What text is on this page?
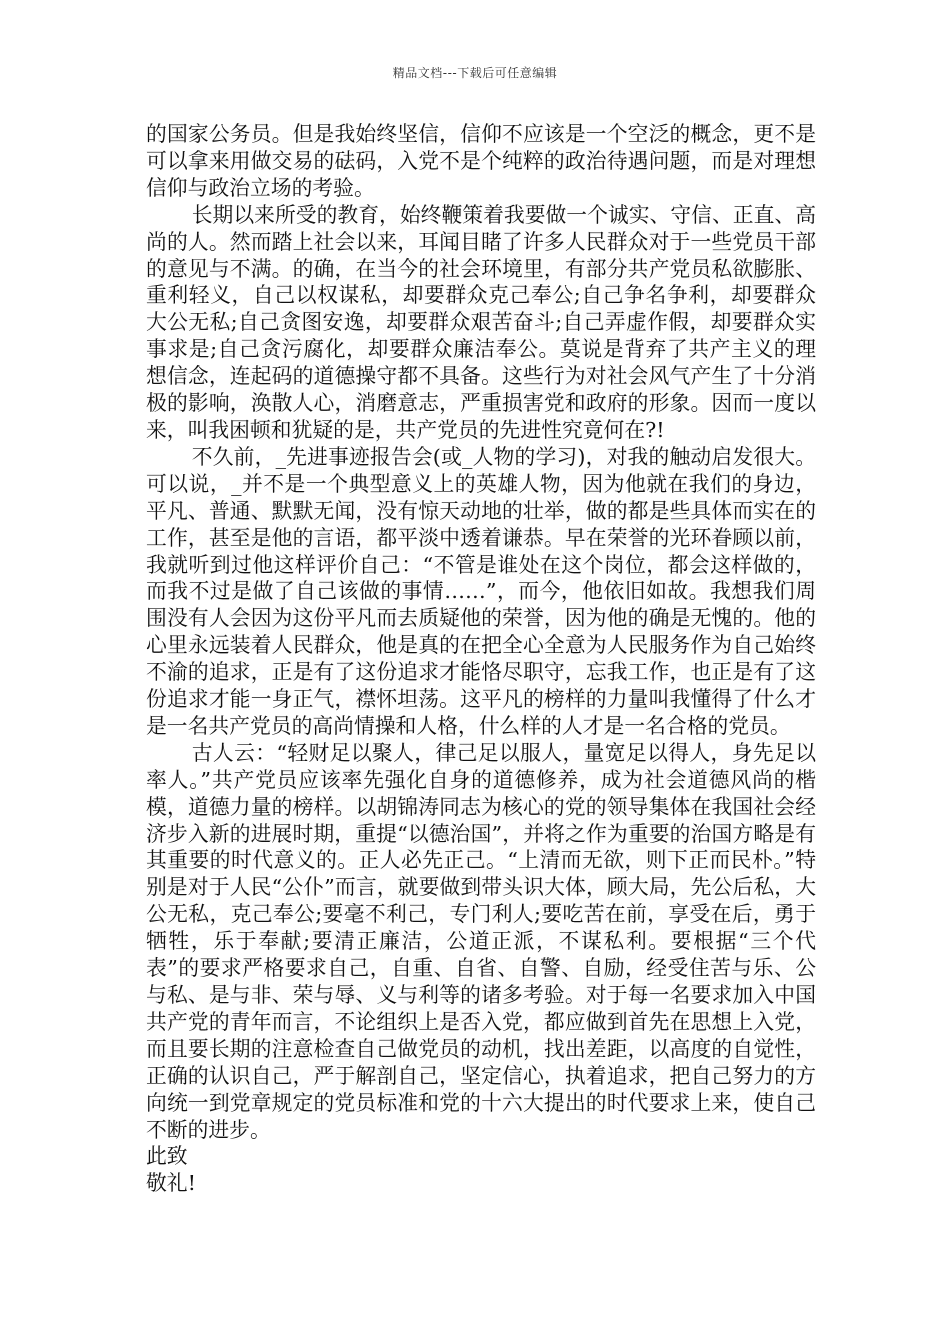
精品文档---下载后可任意编辑

的国家公务员。但是我始终坚信，信仰不应该是一个空泛的概念，更不是可以拿来用做交易的砝码，入党不是个纯粹的政治待遇问题，而是对理想信仰与政治立场的考验。

长期以来所受的教育，始终鞭策着我要做一个诚实、守信、正直、高尚的人。然而踏上社会以来，耳闻目睹了许多人民群众对于一些党员干部的意见与不满。的确，在当今的社会环境里，有部分共产党员私欲膨胀、重利轻义，自己以权谋私，却要群众克己奉公;自己争名争利，却要群众大公无私;自己贪图安逸，却要群众艰苦奋斗;自己弄虚作假，却要群众实事求是;自己贪污腐化，却要群众廉洁奉公。莫说是背弃了共产主义的理想信念，连起码的道德操守都不具备。这些行为对社会风气产生了十分消极的影响，涣散人心，消磨意志，严重损害党和政府的形象。因而一度以来，叫我困顿和犹疑的是，共产党员的先进性究竟何在?!

不久前，_先进事迹报告会(或_人物的学习)，对我的触动启发很大。可以说，_并不是一个典型意义上的英雄人物，因为他就在我们的身边，平凡、普通、默默无闻，没有惊天动地的壮举，做的都是些具体而实在的工作，甚至是他的言语，都平淡中透着谦恭。早在荣誉的光环眷顾以前，我就听到过他这样评价自己：“不管是谁处在这个岗位，都会这样做的，而我不过是做了自己该做的事情……”，而今，他依旧如故。我想我们周围没有人会因为这份平凡而去质疑他的荣誉，因为他的确是无愧的。他的心里永远装着人民群众，他是真的在把全心全意为人民服务作为自己始终不渝的追求，正是有了这份追求才能恪尽职守，忘我工作，也正是有了这份追求才能一身正气，襟怀坦荡。这平凡的榜样的力量叫我懂得了什么才是一名共产党员的高尚情操和人格，什么样的人才是一名合格的党员。

古人云：“轻财足以聚人，律己足以服人，量宽足以得人，身先足以率人。”共产党员应该率先强化自身的道德修养，成为社会道德风尚的楷模，道德力量的榜样。以胡锦涛同志为核心的党的领导集体在我国社会经济步入新的进展时期，重提“以德治国”，并将之作为重要的治国方略是有其重要的时代意义的。正人必先正己。“上清而无欲，则下正而民朴。”特别是对于人民“公仆”而言，就要做到带头识大体，顾大局，先公后私，大公无私，克己奉公;要毫不利己，专门利人;要吃苦在前，享受在后，勇于牺牲，乐于奉献;要清正廉洁，公道正派，不谋私利。要根据“三个代表”的要求严格要求自己，自重、自省、自警、自励，经受住苦与乐、公与私、是与非、荣与辱、义与利等的诸多考验。对于每一名要求加入中国共产党的青年而言，不论组织上是否入党，都应做到首先在思想上入党，而且要长期的注意检查自己做党员的动机，找出差距，以高度的自觉性，正确的认识自己，严于解剖自己，坚定信心，执着追求，把自己努力的方向统一到党章规定的党员标准和党的十六大提出的时代要求上来，使自己不断的进步。

此致

敬礼!
